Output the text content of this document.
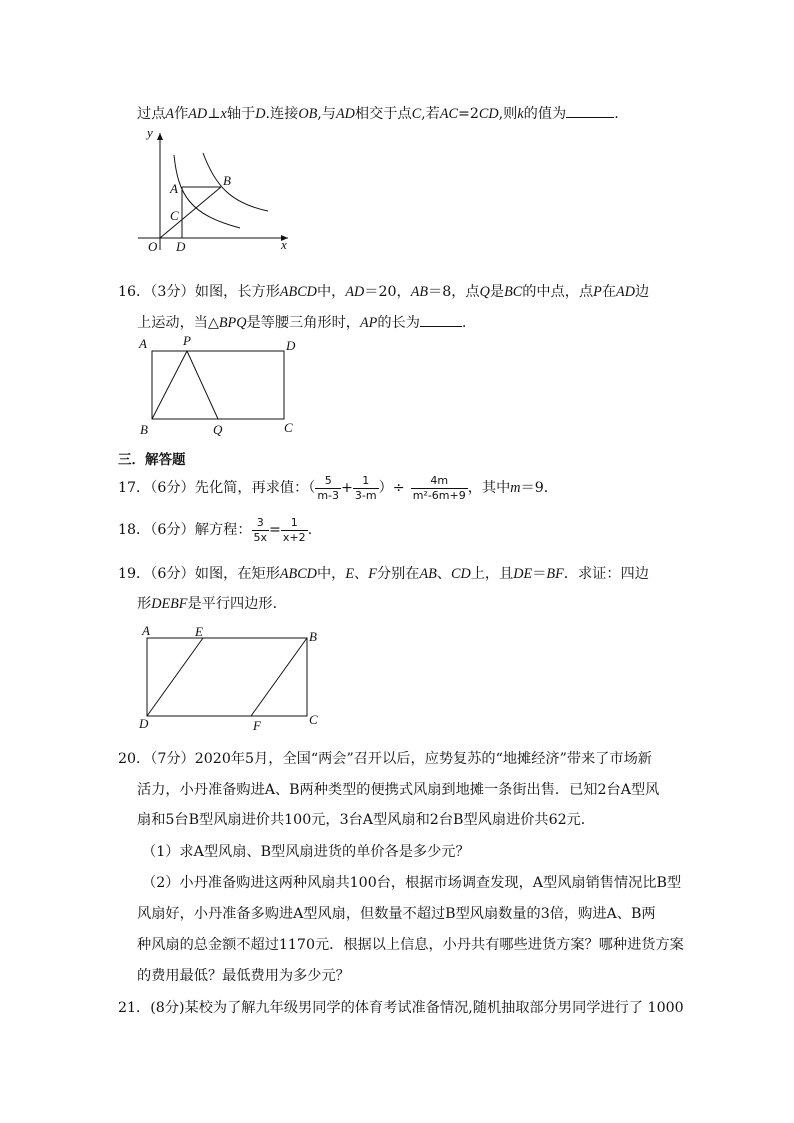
过点A作AD⊥x轴于D.连接OB,与AD相交于点C,若AC=2CD,则k的值为	.
y
x
A
B
C
O D
16．（3分）如图，长方形ABCD中，AD＝20，AB＝8，点Q是BC的中点，点P在AD边
上运动，当△BPQ是等腰三角形时，AP的长为	.
A	P	D
B	Q	C
三．解答题
17．（6分）先化简，再求值：（ $\frac{5}{m-3} + \frac{1}{3-m}$ ）÷ $\frac{4m}{\text{m²-6m+9}}$ ，其中m＝9．
18．（6分）解方程： $\frac{3}{5x} = \frac{1}{x+2}$ .
19．（6分）如图，在矩形ABCD中，E、F分别在AB、CD上，且DE＝BF．求证：四边
形DEBF是平行四边形．
A	E	B
D	F	C
20．（7分）2020年5月，全国“两会”召开以后，应势复苏的“地摊经济”带来了市场新
活力，小丹准备购进A、B两种类型的便携式风扇到地摊一条街出售．已知2台A型风
扇和5台B型风扇进价共100元，3台A型风扇和2台B型风扇进价共62元．
（1）求A型风扇、B型风扇进货的单价各是多少元？
（2）小丹准备购进这两种风扇共100台，根据市场调查发现，A型风扇销售情况比B型
风扇好，小丹准备多购进A型风扇，但数量不超过B型风扇数量的3倍，购进A、B两
种风扇的总金额不超过1170元．根据以上信息，小丹共有哪些进货方案？哪种进货方案
的费用最低？最低费用为多少元？
21．(8分)某校为了解九年级男同学的体育考试准备情况,随机抽取部分男同学进行了 1000
